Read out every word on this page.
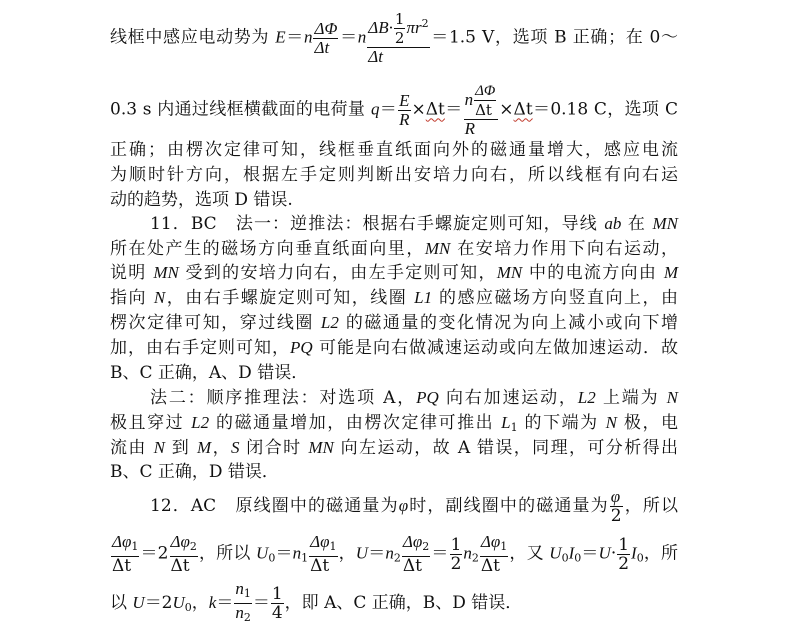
线框中感应电动势为 $E=n \frac{\Delta\Phi}{\Delta t} =n \frac{\Delta B\cdot \frac{1}{2} \pi r^2}{\Delta t} =1.5$ V，选项 B 正确；在 0～
0.3 s 内通过线框横截面的电荷量 $q= \frac{E}{R} \times\Delta t= \frac{n \frac{\Delta\Phi}{\Delta t}}{R} \times\Delta t=0.18$ C，选项 C
正确；由楞次定律可知，线框垂直纸面向外的磁通量增大，感应电流
为顺时针方向，根据左手定则判断出安培力向右，所以线框有向右运
动的趋势，选项 D 错误.
11．BC　法一：逆推法：根据右手螺旋定则可知，导线 ab 在 MN
所在处产生的磁场方向垂直纸面向里，MN 在安培力作用下向右运动，
说明 MN 受到的安培力向右，由左手定则可知，MN 中的电流方向由 M
指向 N，由右手螺旋定则可知，线圈 L1 的感应磁场方向竖直向上，由
楞次定律可知，穿过线圈 L2 的磁通量的变化情况为向上减小或向下增
加，由右手定则可知，PQ 可能是向右做减速运动或向左做加速运动．故
B、C 正确，A、D 错误．
法二：顺序推理法：对选项 A，PQ 向右加速运动，L2 上端为 N
极且穿过 L2 的磁通量增加，由楞次定律可推出 $L_1$ 的下端为 N 极，电
流由 N 到 M，S 闭合时 MN 向左运动，故 A 错误，同理，可分析得出
B、C 正确，D 错误．
12．AC　原线圈中的磁通量为φ时，副线圈中的磁通量为 $\frac{\varphi}{2}$ ，所以
$\frac{\Delta\varphi_1}{\Delta t} =2 \frac{\Delta\varphi_2}{\Delta t}$ ，所以 $U_0=n_1 \frac{\Delta\varphi_1}{\Delta t}$ ，$U=n_2 \frac{\Delta\varphi_2}{\Delta t} = \frac{1}{2} n_2 \frac{\Delta\varphi_1}{\Delta t}$ ，又 $U_0I_0=U\cdot \frac{1}{2} I_0$，所
以 $U=2U_0$，$k= \frac{n_1}{n_2} = \frac{1}{4}$ ，即 A、C 正确，B、D 错误．
